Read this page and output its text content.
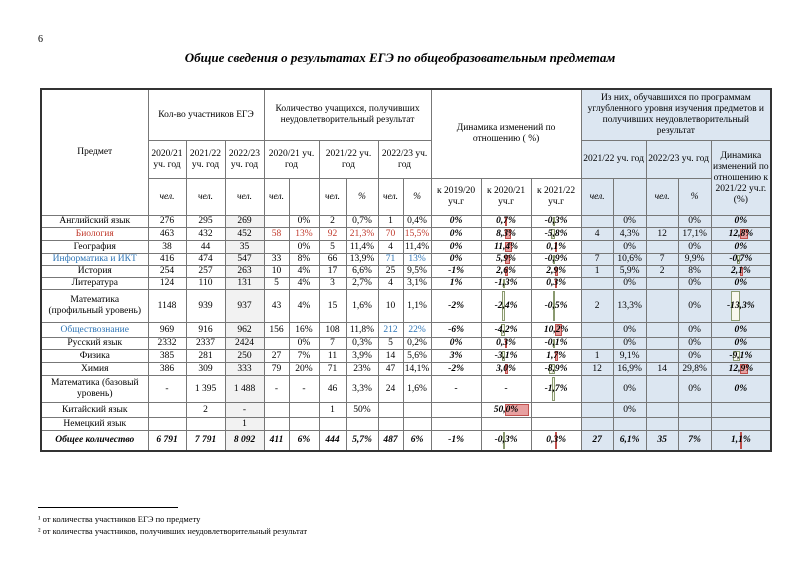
6
Общие сведения о результатах ЕГЭ по общеобразовательным предметам
Предмет	Кол-во участников ЕГЭ			Количество учащихся, получивших неудовлетворительный результат						Динамика изменений по отношению ( %)			Из них, обучавшихся по программам углубленного уровня изучения предметов и получивших неудовлетворительный результат				
	2020/21 уч. год	2021/22 уч. год	2022/23 уч. год	2020/21 уч. год		2021/22 уч. год		2022/23 уч. год					2021/22 уч. год		2022/23 уч. год		Динамика изменений по отношению к 2021/22 уч.г. (%)
	чел.	чел.	чел.	чел.		чел.	%	чел.	%	к 2019/20 уч.г	к 2020/21 уч.г	к 2021/22 уч.г	чел.		чел.	%	
Английский язык	276	295	269		0%	2	0,7%	1	0,4%	0%	0,7%	-0,3%		0%		0%	0%
Биология	463	432	452	58	13%	92	21,3%	70	15,5%	0%	8,3%	-5,8%	4	4,3%	12	17,1%	12,8%
География	38	44	35		0%	5	11,4%	4	11,4%	0%	11,4%	0,1%		0%		0%	0%
Информатика и ИКТ	416	474	547	33	8%	66	13,9%	71	13%	0%	5,9%	-0,9%	7	10,6%	7	9,9%	-0,7%
История	254	257	263	10	4%	17	6,6%	25	9,5%	-1%	2,6%	2,9%	1	5,9%	2	8%	2,1%
Литература	124	110	131	5	4%	3	2,7%	4	3,1%	1%	-1,3%	0,3%		0%		0%	0%
Математика (профильный уровень)	1148	939	937	43	4%	15	1,6%	10	1,1%	-2%	-2,4%	-0,5%	2	13,3%		0%	-13,3%
Обществознание	969	916	962	156	16%	108	11,8%	212	22%	-6%	-4,2%	10,2%		0%		0%	0%
Русский язык	2332	2337	2424		0%	7	0,3%	5	0,2%	0%	0,3%	-0,1%		0%		0%	0%
Физика	385	281	250	27	7%	11	3,9%	14	5,6%	3%	-3,1%	1,7%	1	9,1%		0%	-9,1%
Химия	386	309	333	79	20%	71	23%	47	14,1%	-2%	3,0%	-8,9%	12	16,9%	14	29,8%	12,9%
Математика (базовый уровень)	-	1 395	1 488	-	-	46	3,3%	24	1,6%	-	-	-1,7%		0%		0%	0%
Китайский язык		2	-			1	50%				50,0%			0%			
Немецкий язык			1														
Общее количество	6 791	7 791	8 092	411	6%	444	5,7%	487	6%	-1%	-0,3%	0,3%	27	6,1%	35	7%	1,1%
¹ от количества участников ЕГЭ по предмету
² от количества участников, получивших неудовлетворительный результат
